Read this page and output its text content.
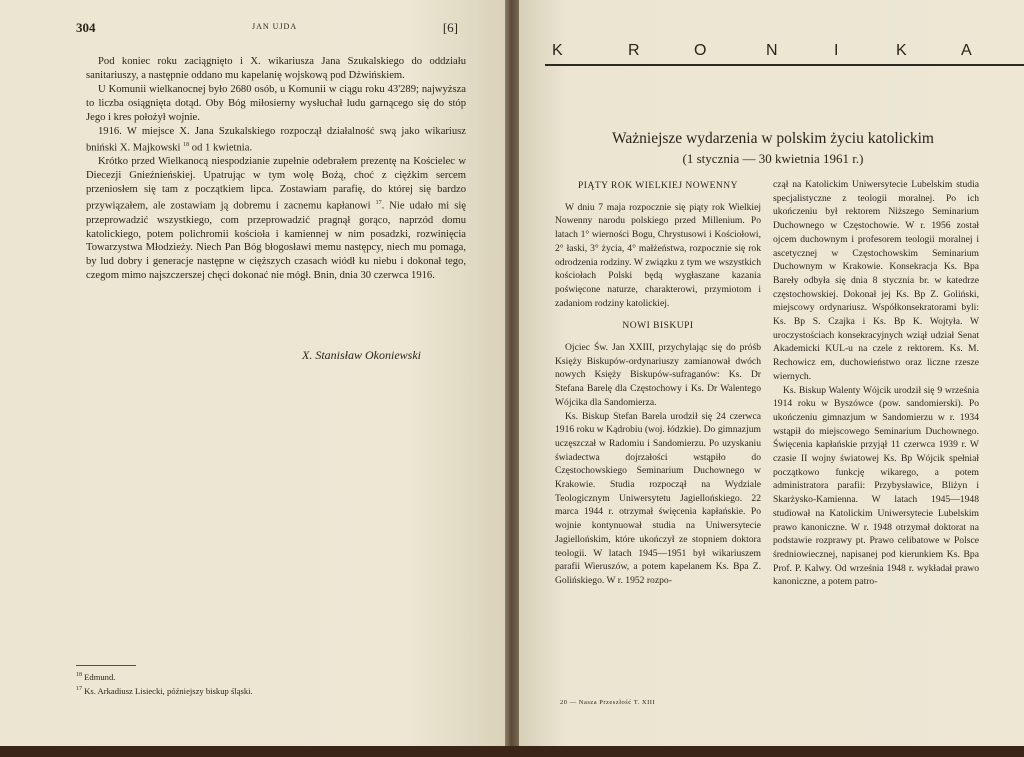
304	JAN UJDA	[6]

Pod koniec roku zaciągnięto i X. wikariusza Jana Szukalskiego do oddziału sanitariuszy, a następnie oddano mu kapelanię wojskową pod Dźwińskiem.

U Komunii wielkanocnej było 2680 osób, u Komunii w ciągu roku 43'289; najwyższa to liczba osiągnięta dotąd. Oby Bóg miłosierny wysłuchał ludu garnącego się do stóp Jego i kres położył wojnie.

1916. W miejsce X. Jana Szukalskiego rozpoczął działalność swą jako wikariusz bniński X. Majkowski $^{18}$ od 1 kwietnia.

Krótko przed Wielkanocą niespodzianie zupełnie odebrałem prezentę na Kościelec w Diecezji Gnieźnieńskiej. Upatrując w tym wolę Bożą, choć z ciężkim sercem przeniosłem się tam z początkiem lipca. Zostawiam parafię, do której się bardzo przywiązałem, ale zostawiam ją dobremu i zacnemu kapłanowi $^{17}$. Nie udało mi się przeprowadzić wszystkiego, com przeprowadzić pragnął gorąco, naprzód domu katolickiego, potem polichromii kościoła i kamiennej w nim posadzki, rozwinięcia Towarzystwa Młodzieży. Niech Pan Bóg błogosławi memu następcy, niech mu pomaga, by lud dobry i generacje następne w cięższych czasach wiódł ku niebu i dokonał tego, czegom mimo najszczerszej chęci dokonać nie mógł. Bnin, dnia 30 czerwca 1916.

X. Stanisław Okoniewski
$^{18}$ Edmund.
$^{17}$ Ks. Arkadiusz Lisiecki, późniejszy biskup śląski.
K	R	O	N	I	K	A
Ważniejsze wydarzenia w polskim życiu katolickim
(1 stycznia — 30 kwietnia 1961 r.)

PIĄTY ROK WIELKIEJ NOWENNY

W dniu 7 maja rozpocznie się piąty rok Wielkiej Nowenny narodu polskiego przed Millenium. Po latach 1° wierności Bogu, Chrystusowi i Kościołowi, 2° łaski, 3° życia, 4° małżeństwa, rozpocznie się rok odrodzenia rodziny. W związku z tym we wszystkich kościołach Polski będą wygłaszane kazania poświęcone naturze, charakterowi, przymiotom i zadaniom rodziny katolickiej.

NOWI BISKUPI

Ojciec Św. Jan XXIII, przychylając się do próśb Księży Biskupów-ordynariuszy zamianował dwóch nowych Księży Biskupów-sufraganów: Ks. Dr Stefana Barelę dla Częstochowy i Ks. Dr Walentego Wójcika dla Sandomierza.

Ks. Biskup Stefan Barela urodził się 24 czerwca 1916 roku w Kądrobiu (woj. łódzkie). Do gimnazjum uczęszczał w Radomiu i Sandomierzu. Po uzyskaniu świadectwa dojrzałości wstąpiło do Częstochowskiego Seminarium Duchownego w Krakowie. Studia rozpoczął na Wydziale Teologicznym Uniwersytetu Jagiellońskiego. 22 marca 1944 r. otrzymał święcenia kapłańskie. Po wojnie kontynuował studia na Uniwersytecie Jagiellońskim, które ukończył ze stopniem doktora teologii. W latach 1945—1951 był wikariuszem parafii Wieruszów, a potem kapelanem Ks. Bpa Z. Golińskiego. W r. 1952 rozpo-

czął na Katolickim Uniwersytecie Lubelskim studia specjalistyczne z teologii moralnej. Po ich ukończeniu był rektorem Niższego Seminarium Duchownego w Częstochowie. W r. 1956 został ojcem duchownym i profesorem teologii moralnej i ascetycznej w Częstochowskim Seminarium Duchownym w Krakowie. Konsekracja Ks. Bpa Bareły odbyła się dnia 8 stycznia br. w katedrze częstochowskiej. Dokonał jej Ks. Bp Z. Goliński, miejscowy ordynariusz. Współkonsekratorami byli: Ks. Bp S. Czajka i Ks. Bp K. Wojtyła. W uroczystościach konsekracyjnych wziął udział Senat Akademicki KUL-u na czele z rektorem. Ks. M. Rechowicz em, duchowieństwo oraz liczne rzesze wiernych.

Ks. Biskup Walenty Wójcik urodził się 9 września 1914 roku w Byszówce (pow. sandomierski). Po ukończeniu gimnazjum w Sandomierzu w r. 1934 wstąpił do miejscowego Seminarium Duchownego. Święcenia kapłańskie przyjął 11 czerwca 1939 r. W czasie II wojny światowej Ks. Bp Wójcik spełniał początkowo funkcję wikarego, a potem administratora parafii: Przybysławice, Bliżyn i Skarżysko-Kamienna. W latach 1945—1948 studiował na Katolickim Uniwersytecie Lubelskim prawo kanoniczne. W r. 1948 otrzymał doktorat na podstawie rozprawy pt. Prawo celibatowe w Polsce średniowiecznej, napisanej pod kierunkiem Ks. Bpa Prof. P. Kalwy. Od września 1948 r. wykładał prawo kanoniczne, a potem patro-

20 — Nasza Przeszłość T. XIII
